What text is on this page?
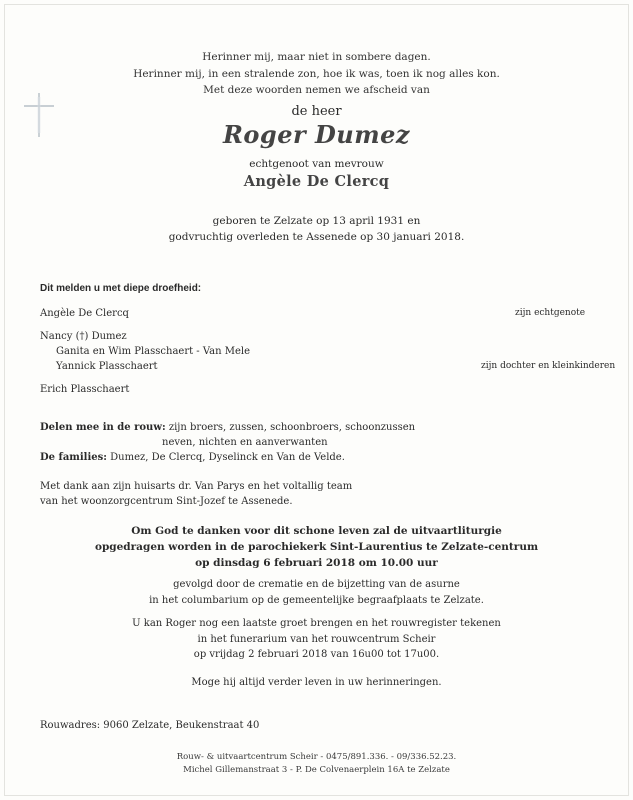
Herinner mij, maar niet in sombere dagen.
Herinner mij, in een stralende zon, hoe ik was, toen ik nog alles kon.
Met deze woorden nemen we afscheid van
de heer
Roger Dumez
echtgenoot van mevrouw
Angèle De Clercq
geboren te Zelzate op 13 april 1931 en
godvruchtig overleden te Assenede op 30 januari 2018.
Dit melden u met diepe droefheid:
Angèle De Clercq	zijn echtgenote
Nancy (†) Dumez
Ganita en Wim Plasschaert - Van Mele
Yannick Plasschaert	zijn dochter en kleinkinderen
Erich Plasschaert
Delen mee in de rouw: zijn broers, zussen, schoonbroers, schoonzussen
neven, nichten en aanverwanten
De families: Dumez, De Clercq, Dyselinck en Van de Velde.
Met dank aan zijn huisarts dr. Van Parys en het voltallig team
van het woonzorgcentrum Sint-Jozef te Assenede.
Om God te danken voor dit schone leven zal de uitvaartliturgie
opgedragen worden in de parochiekerk Sint-Laurentius te Zelzate-centrum
op dinsdag 6 februari 2018 om 10.00 uur
gevolgd door de crematie en de bijzetting van de asurne
in het columbarium op de gemeentelijke begraafplaats te Zelzate.
U kan Roger nog een laatste groet brengen en het rouwregister tekenen
in het funerarium van het rouwcentrum Scheir
op vrijdag 2 februari 2018 van 16u00 tot 17u00.
Moge hij altijd verder leven in uw herinneringen.
Rouwadres: 9060 Zelzate, Beukenstraat 40
Rouw- & uitvaartcentrum Scheir - 0475/891.336. - 09/336.52.23.
Michel Gillemanstraat 3 - P. De Colvenaerplein 16A te Zelzate
